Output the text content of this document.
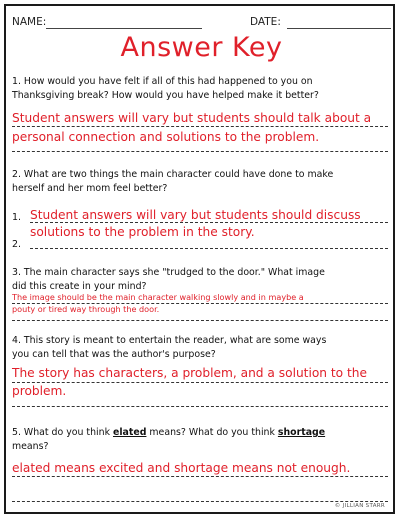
NAME:	DATE:
Answer Key
1. How would you have felt if all of this had happened to you on
Thanksgiving break? How would you have helped make it better?
Student answers will vary but students should talk about a
personal connection and solutions to the problem.
2. What are two things the main character could have done to make
herself and her mom feel better?
1. Student answers will vary but students should discuss
solutions to the problem in the story.
2.
3. The main character says she "trudged to the door." What image
did this create in your mind?
The image should be the main character walking slowly and in maybe a
pouty or tired way through the door.
4. This story is meant to entertain the reader, what are some ways
you can tell that was the author's purpose?
The story has characters, a problem, and a solution to the
problem.
5. What do you think elated means? What do you think shortage
means?
elated means excited and shortage means not enough.
© JILLIAN STARR
